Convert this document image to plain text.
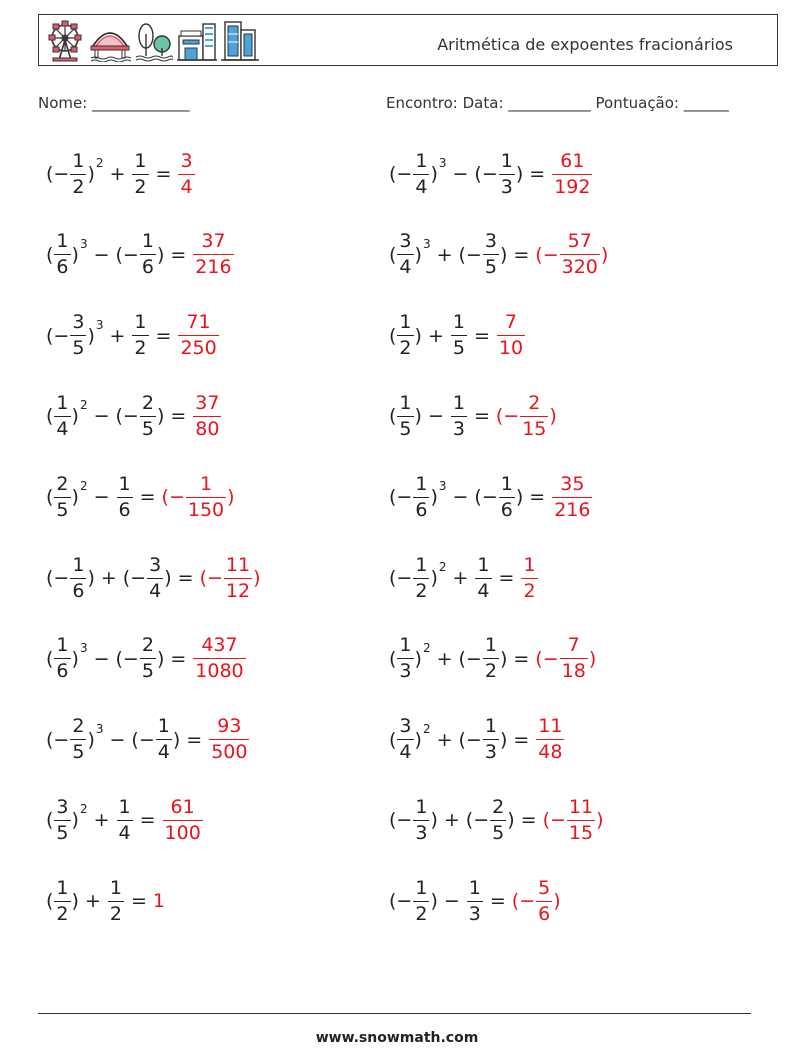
Aritmética de expoentes fracionários
Nome: _____________	Encontro: Data: ___________ Pontuação: ______
( − $\frac{1}{2}$ ) $2 + \frac{1}{2} = \frac{3}{4}$	( − $\frac{1}{4}$ ) 3 − ( − $\frac{1}{3}$ ) = $\frac{61}{192}$
( $\frac{1}{6}$ ) 3 − ( − $\frac{1}{6}$ ) = $\frac{37}{216}$	( $\frac{3}{4}$ ) 3 + ( − $\frac{3}{5}$ ) = ( − $\frac{57}{320}$ )
( − $\frac{3}{5}$ ) $3 + \frac{1}{2} = \frac{71}{250}$	( $\frac{1}{2}$ ) + $\frac{1}{5} = \frac{7}{10}$
( $\frac{1}{4}$ ) 2 − ( − $\frac{2}{5}$ ) = $\frac{37}{80}$	( $\frac{1}{5}$ ) − $\frac{1}{3}$ = ( − $\frac{2}{15}$ )
( $\frac{2}{5}$ ) $2 - \frac{1}{6}$ = ( − $\frac{1}{150}$ )	( − $\frac{1}{6}$ ) 3 − ( − $\frac{1}{6}$ ) = $\frac{35}{216}$
( − $\frac{1}{6}$ ) + ( − $\frac{3}{4}$ ) = ( − $\frac{11}{12}$ )	( − $\frac{1}{2}$ ) $2 + \frac{1}{4} = \frac{1}{2}$
( $\frac{1}{6}$ ) 3 − ( − $\frac{2}{5}$ ) = $\frac{437}{1080}$	( $\frac{1}{3}$ ) 2 + ( − $\frac{1}{2}$ ) = ( − $\frac{7}{18}$ )
( − $\frac{2}{5}$ ) 3 − ( − $\frac{1}{4}$ ) = $\frac{93}{500}$	( $\frac{3}{4}$ ) 2 + ( − $\frac{1}{3}$ ) = $\frac{11}{48}$
( $\frac{3}{5}$ ) $2 + \frac{1}{4} = \frac{61}{100}$	( − $\frac{1}{3}$ ) + ( − $\frac{2}{5}$ ) = ( − $\frac{11}{15}$ )
( $\frac{1}{2}$ ) + $\frac{1}{2} = 1$	( − $\frac{1}{2}$ ) − $\frac{1}{3}$ = ( − $\frac{5}{6}$ )
www.snowmath.com
